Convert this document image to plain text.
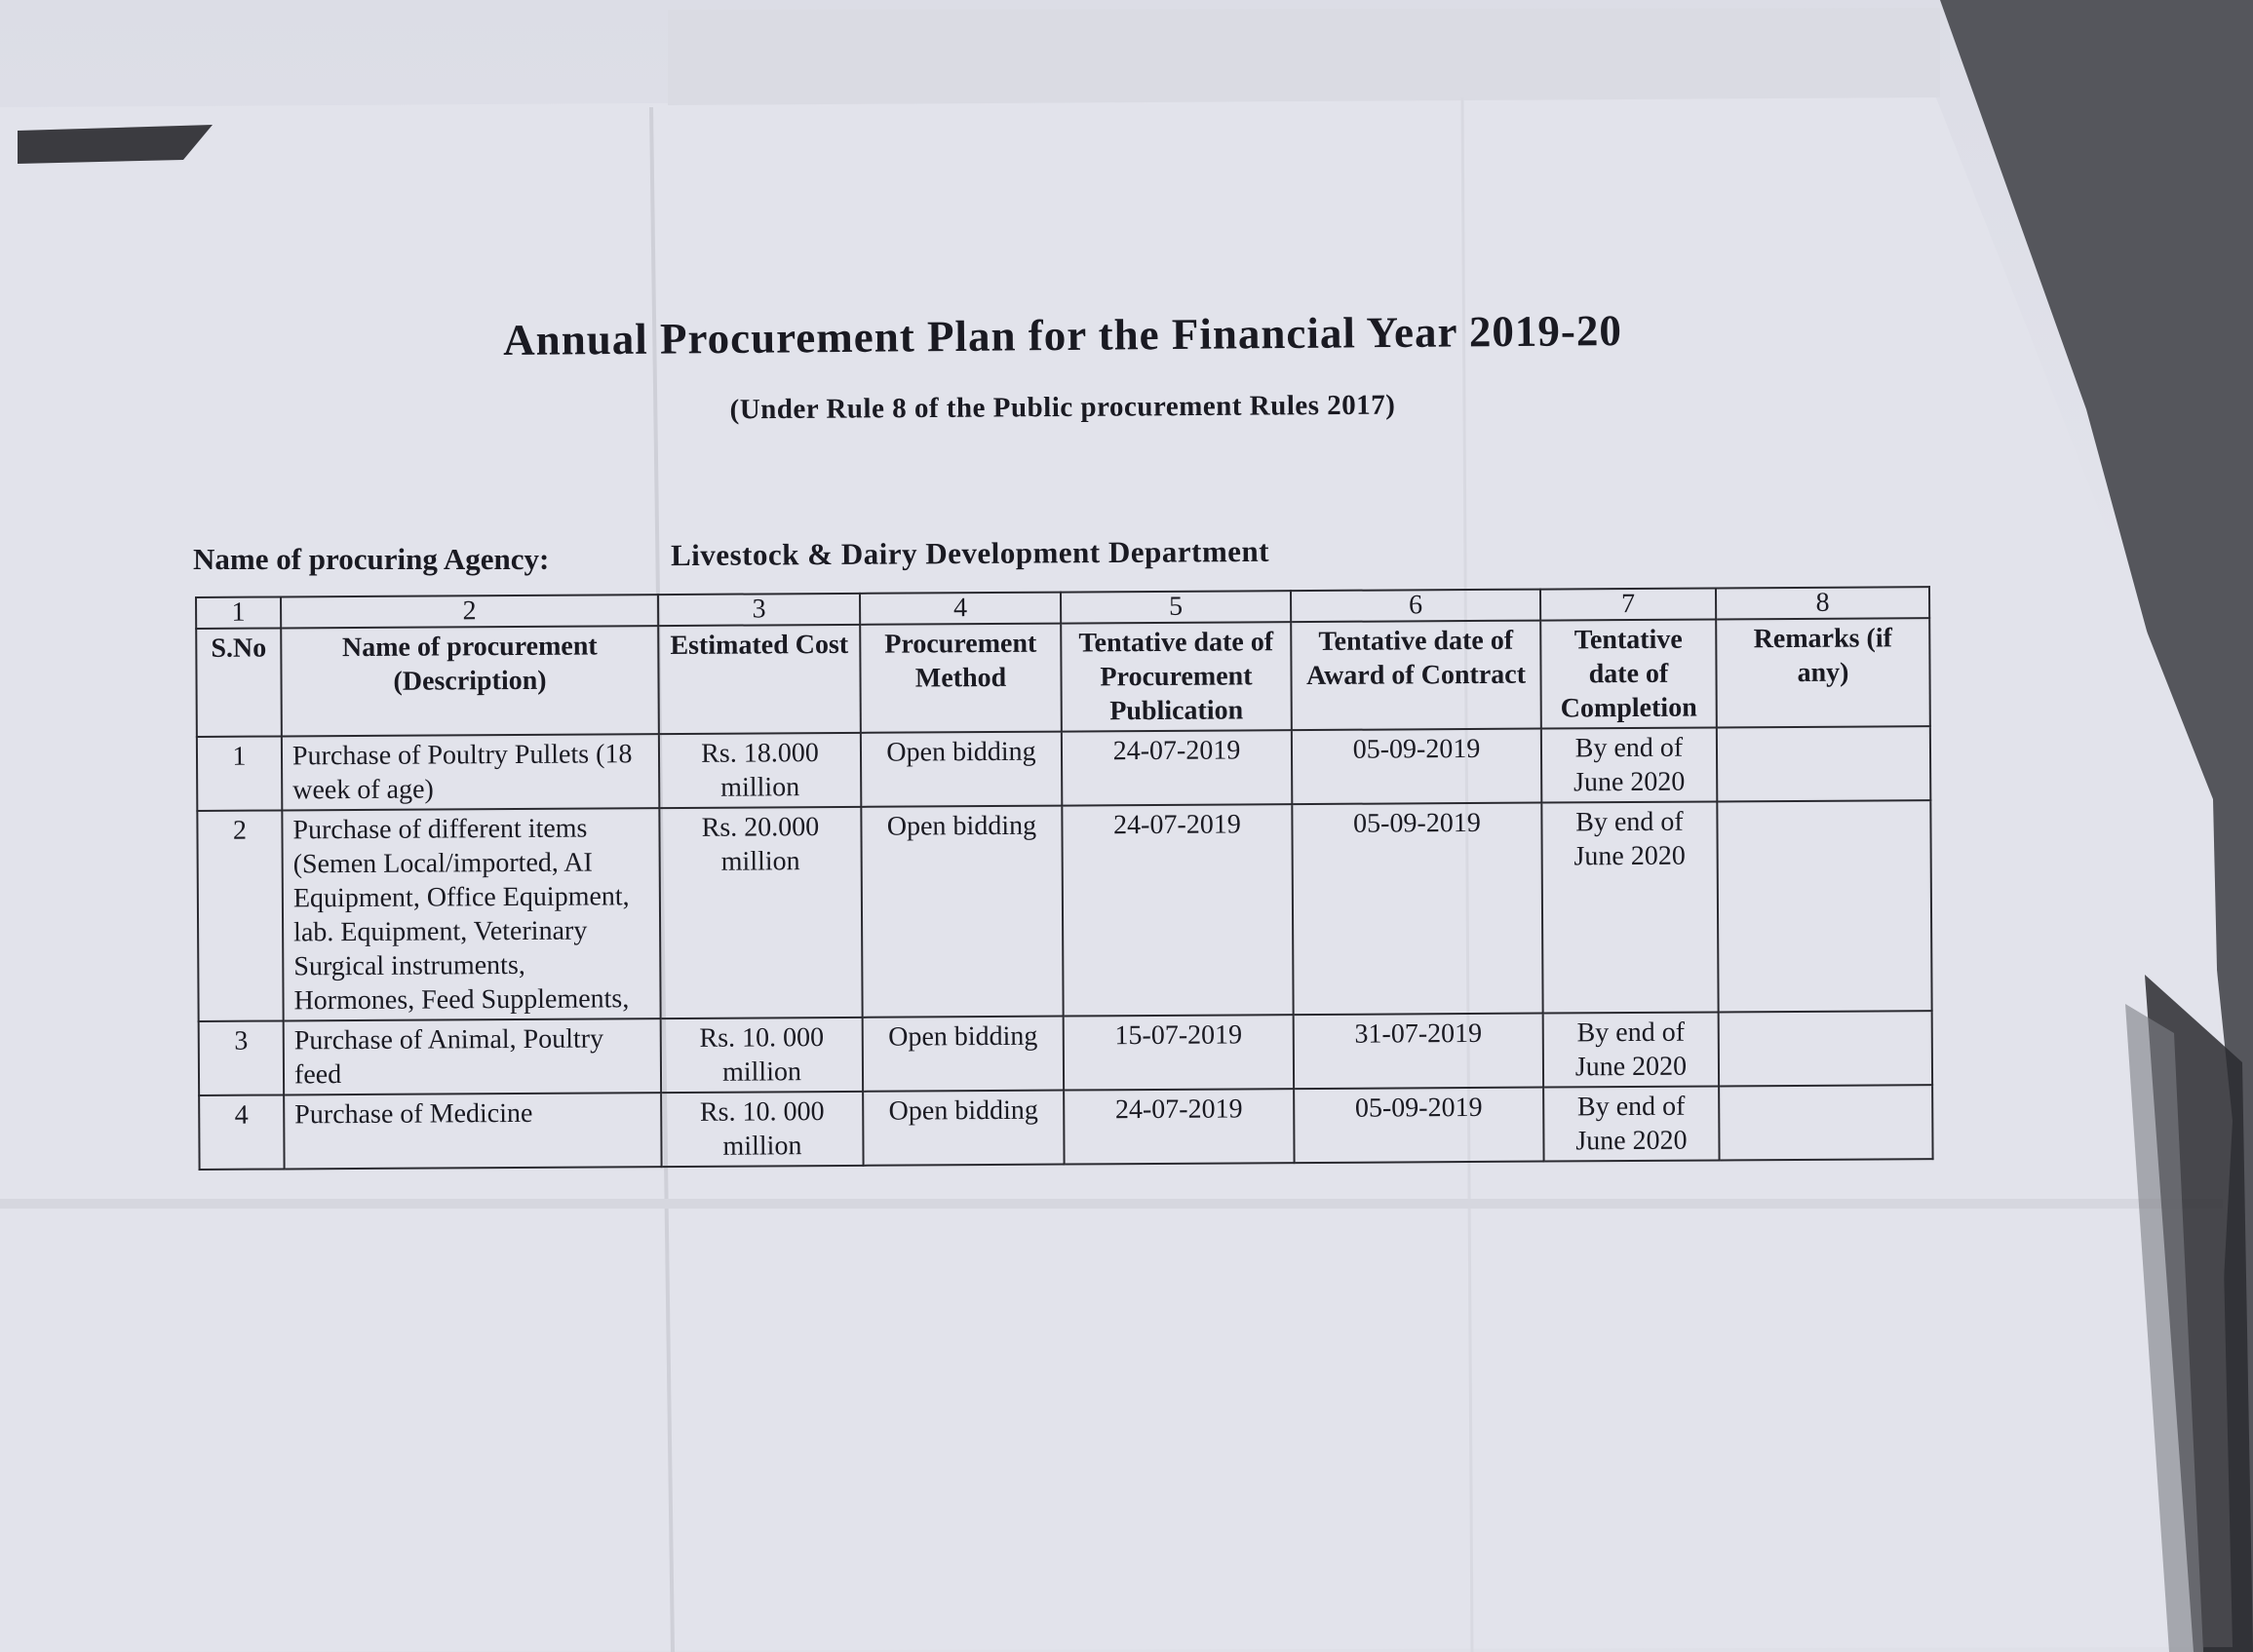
Annual Procurement Plan for the Financial Year 2019-20
(Under Rule 8 of the Public procurement Rules 2017)
Name of procuring Agency:	Livestock & Dairy Development Department
1	2	3	4	5	6	7	8
S.No	Name of procurement (Description)	Estimated Cost	Procurement Method	Tentative date of Procurement Publication	Tentative date of Award of Contract	Tentative date of Completion	Remarks (if any)
1	Purchase of Poultry Pullets (18 week of age)	Rs. 18.000 million	Open bidding	24-07-2019	05-09-2019	By end of June 2020	
2	Purchase of different items (Semen Local/imported, AI Equipment, Office Equipment, lab. Equipment, Veterinary Surgical instruments, Hormones, Feed Supplements,	Rs. 20.000 million	Open bidding	24-07-2019	05-09-2019	By end of June 2020	
3	Purchase of Animal, Poultry feed	Rs. 10. 000 million	Open bidding	15-07-2019	31-07-2019	By end of June 2020	
4	Purchase of Medicine	Rs. 10. 000 million	Open bidding	24-07-2019	05-09-2019	By end of June 2020	
